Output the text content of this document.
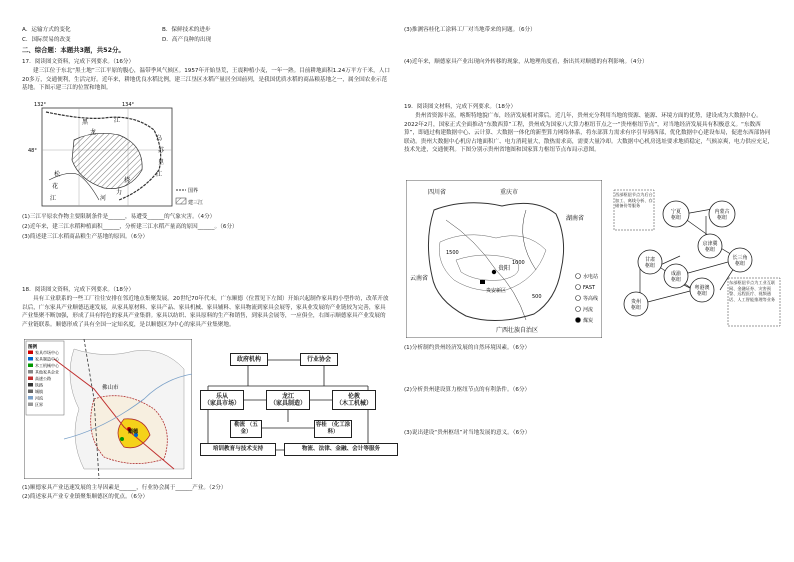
A．运输方式的变化	B．保鲜技术的进步
C．国际贸易的改变	D．高产良种的出现
二、综合题：本题共3题，共52分。
17．阅读图文资料，完成下列要求。（16分）
建三江位于东北“黑土地”三江平原的腹心，温带季风气候区。1957年开始垦荒，王震种植小麦，一年一熟。目前耕地面积1.24万平方千米，人口20多万，交通便利，生活完好。近年来，耕地优良水稻比例，建三江垦区水稻产量居全国前列，是我国优质水稻的商品粮基地之一，属全国农业示范基地。下图示建三江的位置和地图。
132°	134°
48°
黑
龙
江
乌
苏
里
江
松
花
江
挠
力
河
国界
建三江
(1)三江平原农作物主要限制条件是______，易遭受______的气象灾害。（4分）
(2)近年来，建三江水稻种植面积______，分析建三江水稻产量高的原因______。（6分）
(3)简述建三江水稻商品粮生产基地的原因。（6分）
18．阅读图文资料，完成下列要求。（18分）
具有工业联系的一些工厂往往安排在邻近地点集聚发展。20世纪70年代末，广东顺德（位置见下左图）开始兴起制作家具的小型作坊，改革开放以后，广东家具产业顺德迅速发展，从家具原材料、家具产品、家具机械、家具辅料、家具物流到家具会展等，家具业发展的产业链较为完善，家具产业集聚不断加强，形成了具有特色的家具产业集群。家具以纺织、家具原料的生产和销售，到家具会展等，一应俱全，右图示顺德家具产业发展的产业链联系。顺德形成了具有全国一定知名度，是以顺德区为中心的家具产业集聚地。
图例
家具市场中心
家具制造中心
木工机械中心
其他家具企业
高速公路
铁路
城镇
河流
区界
佛山市
顺德
政府机构	行业协会
乐从
（家具市场）
龙江
（家具制造）
伦教
（木工机械）
勒流 （五金）
容桂 （化工涂料）
培训教育与技术支持	物流、法律、金融、会计等服务
(1)顺德家具产业迅速发展的主导因素是______，行业协会属于______产业。（2分）
(2)简述家具产业专业镇聚集顺德区的优点。（6分）
(3)推测容桂化工涂料工厂对当地带来的问题。（6分）
(4)近年来，顺德家具产业出现向外转移的现象，从地理角度看，指出其对顺德的有利影响。（4分）
19．阅读图文材料，完成下列要求。（18分）
贵州省资源丰富，喀斯特地貌广布，经济发展相对滞后。近几年，贵州充分利用当地的资源、能源、环境方面的优势，建设成为大数据中心。2022年2月，国家正式全面推动“东数西算”工程，贵州成为国家八大算力枢纽节点之一“贵州枢纽节点”，对当地经济发展具有积极意义。“东数西算”，即通过构建数据中心、云计算、大数据一体化的新型算力网络体系，将东部算力需求有序引导到西部，优化数据中心建设布局，促进东西部协同联动。贵州大数据中心机房占地面积广、电力消耗量大，散热需求高，需要大量冷却。大数据中心机房选址要求地质稳定，气候凉爽，电力供应充足，技术先进，交通便利。下图分别示贵州省地图和国家算力枢纽节点布局示意图。
四川省	重庆市
湖南省
云南省
广西壮族自治区
贵阳
贵安新区
1500
1000
500
水电站
FAST
等高线
河流
煤炭
甘肃
枢纽
内蒙古
枢纽
宁夏
枢纽
京津冀
枢纽
长三角
枢纽
成渝
枢纽
粤港澳
枢纽
贵州
枢纽
西部枢纽节点为后台加工、离线分析、存储备份等服务
东部枢纽节点为工业互联网、金融证券、灾害预警、远程医疗、视频通话、人工智能推理等业务
(1)分析制约贵州经济发展的自然环境因素。（6分）
(2)分析贵州建设算力枢纽节点的有利条件。（6分）
(3)说出建设“贵州枢纽”对当地发展的意义。（6分）
